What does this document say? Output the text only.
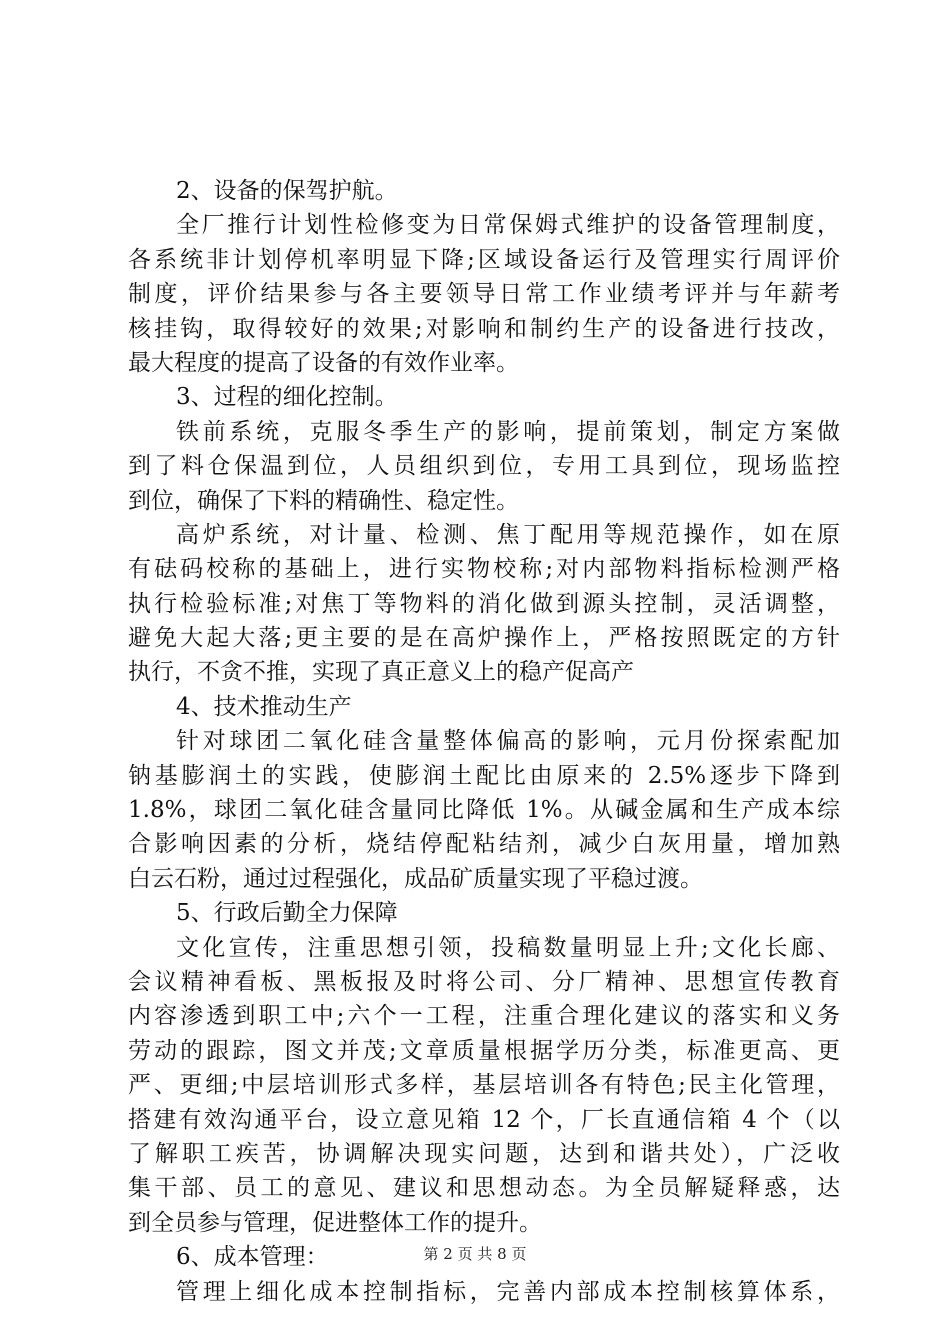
2、设备的保驾护航。
全厂推行计划性检修变为日常保姆式维护的设备管理制度，
各系统非计划停机率明显下降;区域设备运行及管理实行周评价
制度，评价结果参与各主要领导日常工作业绩考评并与年薪考
核挂钩，取得较好的效果;对影响和制约生产的设备进行技改，
最大程度的提高了设备的有效作业率。
3、过程的细化控制。
铁前系统，克服冬季生产的影响，提前策划，制定方案做
到了料仓保温到位，人员组织到位，专用工具到位，现场监控
到位，确保了下料的精确性、稳定性。
高炉系统，对计量、检测、焦丁配用等规范操作，如在原
有砝码校称的基础上，进行实物校称;对内部物料指标检测严格
执行检验标准;对焦丁等物料的消化做到源头控制，灵活调整，
避免大起大落;更主要的是在高炉操作上，严格按照既定的方针
执行，不贪不推，实现了真正意义上的稳产促高产
4、技术推动生产
针对球团二氧化硅含量整体偏高的影响，元月份探索配加
钠基膨润土的实践，使膨润土配比由原来的 2.5%逐步下降到
1.8%，球团二氧化硅含量同比降低 1%。从碱金属和生产成本综
合影响因素的分析，烧结停配粘结剂，减少白灰用量，增加熟
白云石粉，通过过程强化，成品矿质量实现了平稳过渡。
5、行政后勤全力保障
文化宣传，注重思想引领，投稿数量明显上升;文化长廊、
会议精神看板、黑板报及时将公司、分厂精神、思想宣传教育
内容渗透到职工中;六个一工程，注重合理化建议的落实和义务
劳动的跟踪，图文并茂;文章质量根据学历分类，标准更高、更
严、更细;中层培训形式多样，基层培训各有特色;民主化管理，
搭建有效沟通平台，设立意见箱 12 个，厂长直通信箱 4 个（以
了解职工疾苦，协调解决现实问题，达到和谐共处），广泛收
集干部、员工的意见、建议和思想动态。为全员解疑释惑，达
到全员参与管理，促进整体工作的提升。
6、成本管理：
管理上细化成本控制指标，完善内部成本控制核算体系，
第 2 页 共 8 页
